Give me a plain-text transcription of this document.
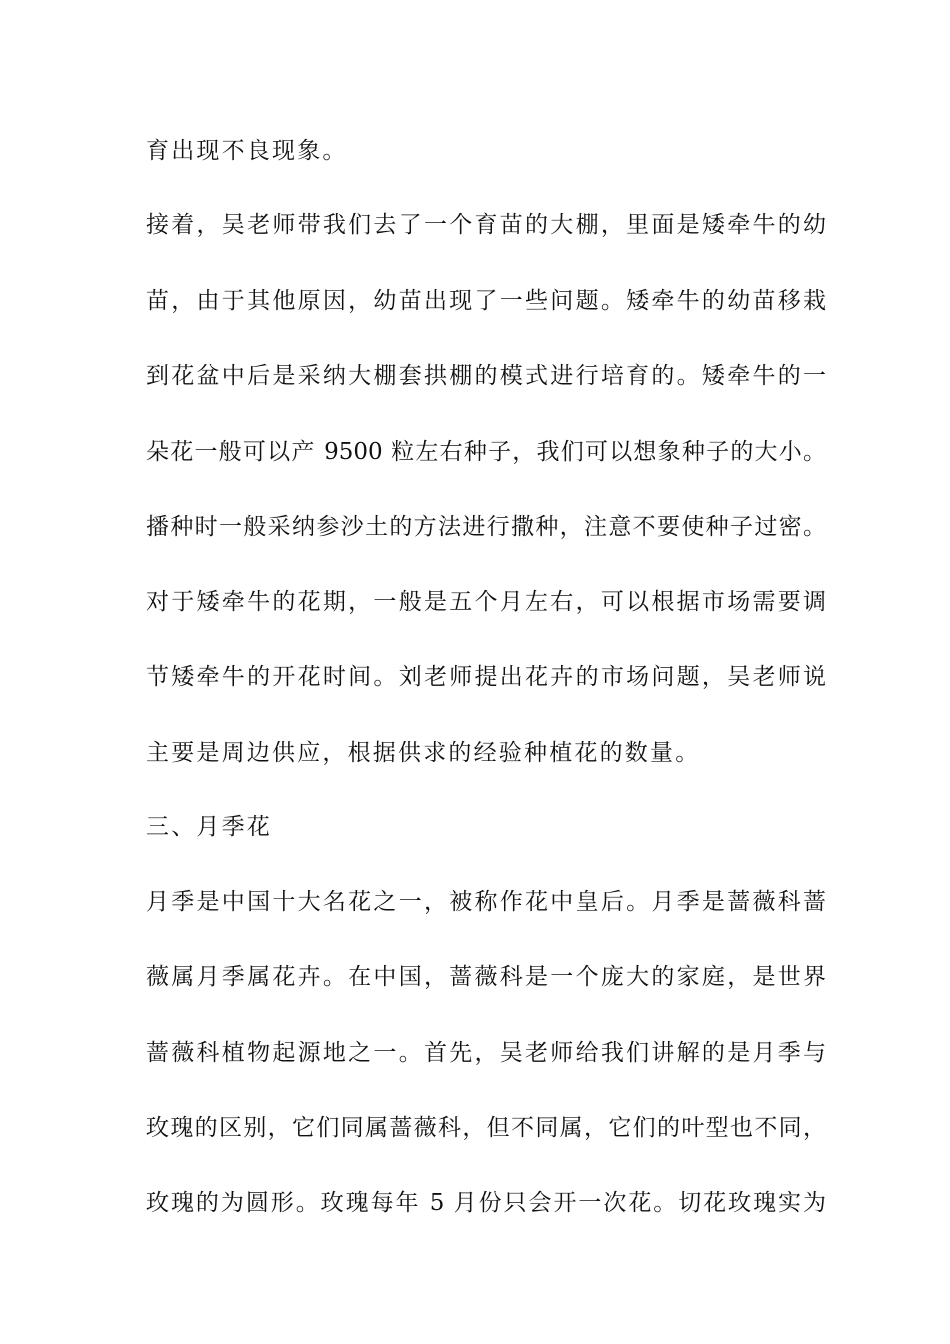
育出现不良现象。
接着，吴老师带我们去了一个育苗的大棚，里面是矮牵牛的幼
苗，由于其他原因，幼苗出现了一些问题。矮牵牛的幼苗移栽
到花盆中后是采纳大棚套拱棚的模式进行培育的。矮牵牛的一
朵花一般可以产 9500 粒左右种子，我们可以想象种子的大小。
播种时一般采纳参沙土的方法进行撒种，注意不要使种子过密。
对于矮牵牛的花期，一般是五个月左右，可以根据市场需要调
节矮牵牛的开花时间。刘老师提出花卉的市场问题，吴老师说
主要是周边供应，根据供求的经验种植花的数量。
三、月季花
月季是中国十大名花之一，被称作花中皇后。月季是蔷薇科蔷
薇属月季属花卉。在中国，蔷薇科是一个庞大的家庭，是世界
蔷薇科植物起源地之一。首先，吴老师给我们讲解的是月季与
玫瑰的区别，它们同属蔷薇科，但不同属，它们的叶型也不同，
玫瑰的为圆形。玫瑰每年 5 月份只会开一次花。切花玫瑰实为
